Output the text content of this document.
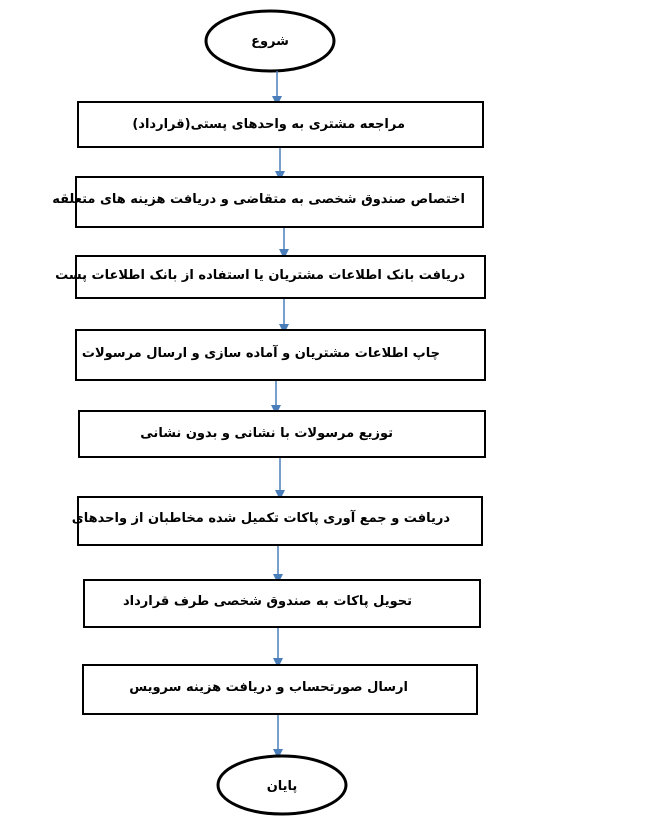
شروع
مراجعه مشتری به واحدهای پستی(قرارداد)
اختصاص صندوق شخصی به متقاضی و دریافت هزینه های متعلقه
دریافت بانک اطلاعات مشتریان یا استفاده از بانک اطلاعات پست
چاپ اطلاعات مشتریان و آماده سازی و ارسال مرسولات
توزیع مرسولات با نشانی و بدون نشانی
دریافت و جمع آوری پاکات تکمیل شده مخاطبان از واحدهای
تحویل پاکات به صندوق شخصی طرف قرارداد
ارسال صورتحساب و دریافت هزینه سرویس
پایان
